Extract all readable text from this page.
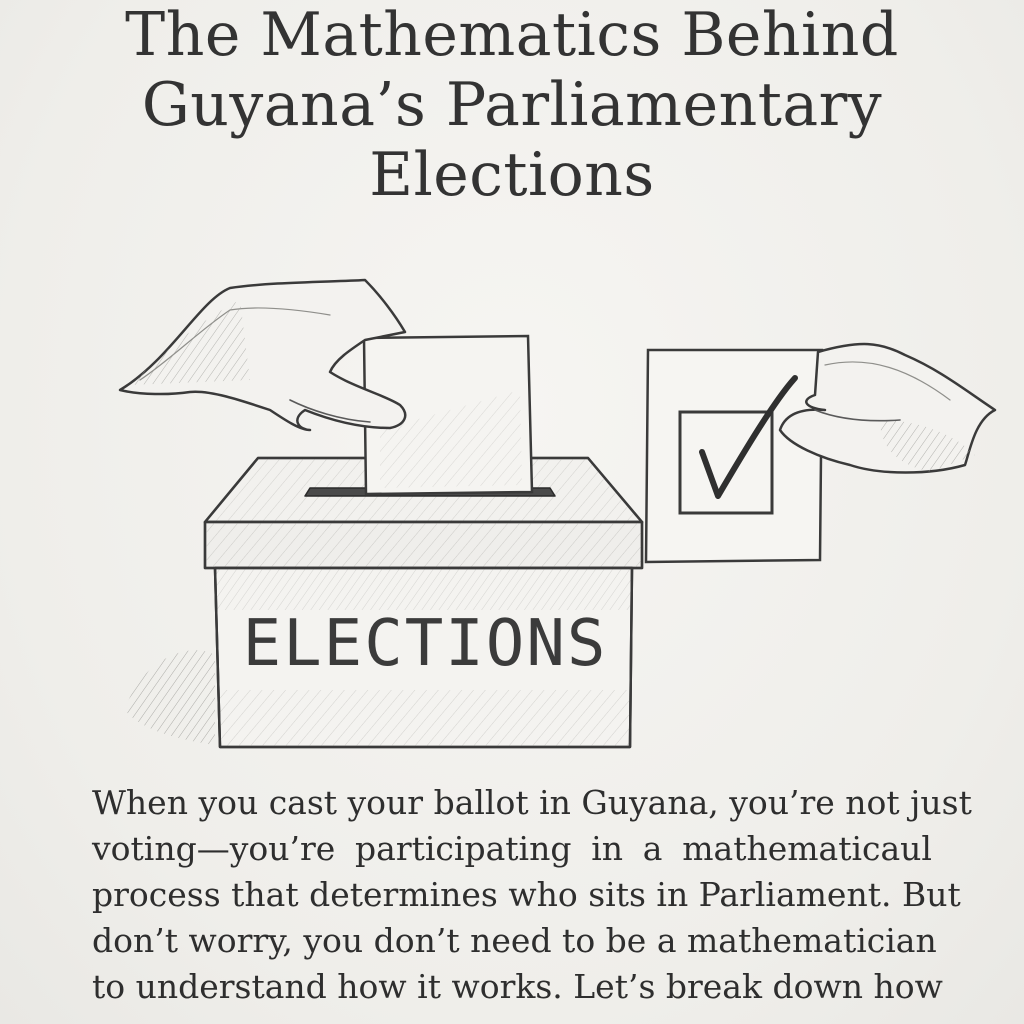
The Mathematics Behind
Guyana’s Parliamentary
Elections
ELECTIONS

When you cast your ballot in Guyana, you’re not just
voting—you’re participating in a mathematicaul
process that determines who sits in Parliament. But
don’t worry, you don’t need to be a mathematician
to understand how it works. Let’s break down how
